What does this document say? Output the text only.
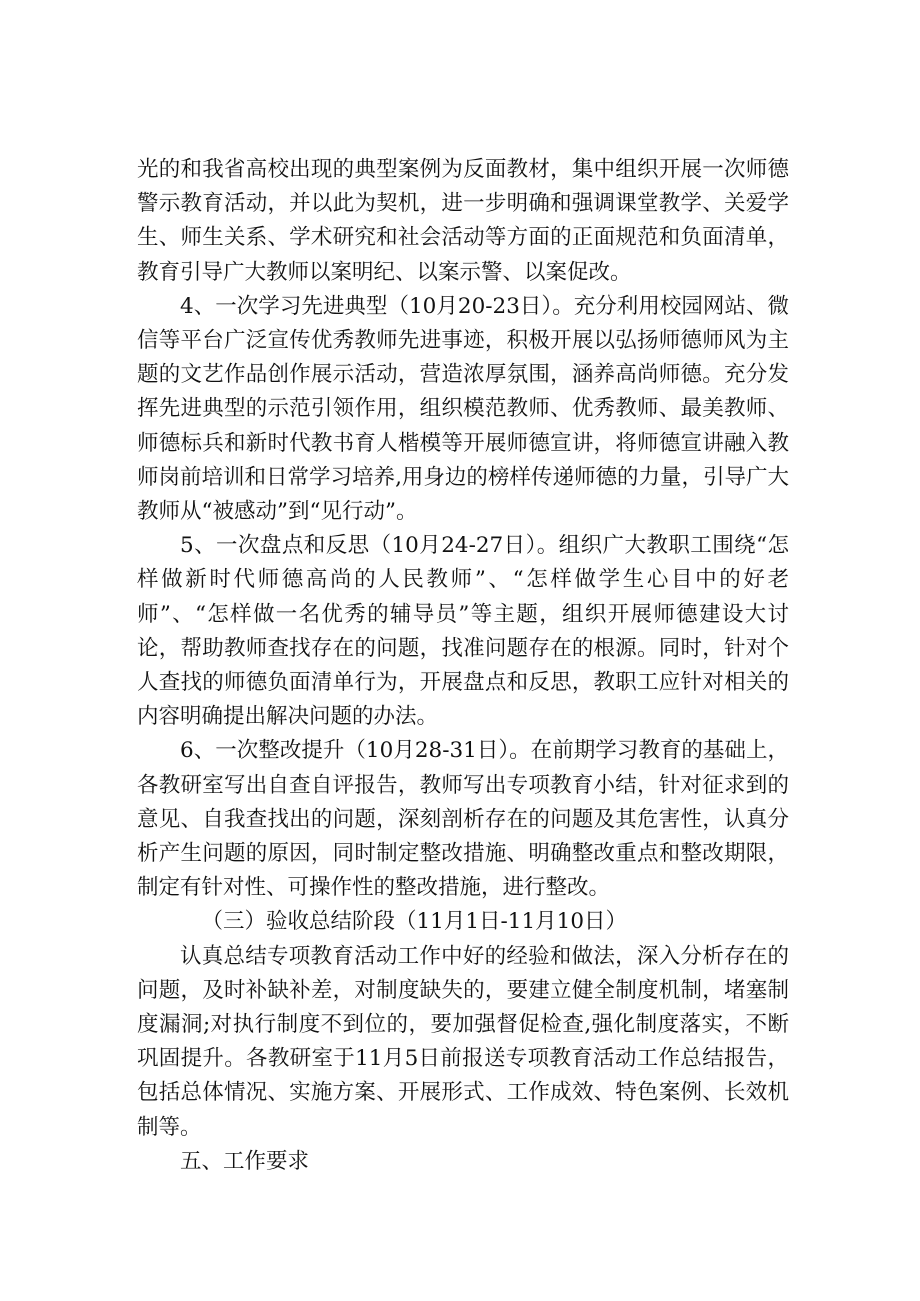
光的和我省高校出现的典型案例为反面教材，集中组织开展一次师德警示教育活动，并以此为契机，进一步明确和强调课堂教学、关爱学生、师生关系、学术研究和社会活动等方面的正面规范和负面清单，教育引导广大教师以案明纪、以案示警、以案促改。

4、一次学习先进典型（10月20-23日）。充分利用校园网站、微信等平台广泛宣传优秀教师先进事迹，积极开展以弘扬师德师风为主题的文艺作品创作展示活动，营造浓厚氛围，涵养高尚师德。充分发挥先进典型的示范引领作用，组织模范教师、优秀教师、最美教师、师德标兵和新时代教书育人楷模等开展师德宣讲，将师德宣讲融入教师岗前培训和日常学习培养,用身边的榜样传递师德的力量，引导广大教师从“被感动”到“见行动”。

5、一次盘点和反思（10月24-27日）。组织广大教职工围绕“怎样做新时代师德高尚的人民教师”、“怎样做学生心目中的好老师”、“怎样做一名优秀的辅导员”等主题，组织开展师德建设大讨论，帮助教师查找存在的问题，找准问题存在的根源。同时，针对个人查找的师德负面清单行为，开展盘点和反思，教职工应针对相关的内容明确提出解决问题的办法。

6、一次整改提升（10月28-31日）。在前期学习教育的基础上，各教研室写出自查自评报告，教师写出专项教育小结，针对征求到的意见、自我查找出的问题，深刻剖析存在的问题及其危害性，认真分析产生问题的原因，同时制定整改措施、明确整改重点和整改期限，制定有针对性、可操作性的整改措施，进行整改。

（三）验收总结阶段（11月1日-11月10日）

认真总结专项教育活动工作中好的经验和做法，深入分析存在的问题，及时补缺补差，对制度缺失的，要建立健全制度机制，堵塞制度漏洞;对执行制度不到位的，要加强督促检查,强化制度落实，不断巩固提升。各教研室于11月5日前报送专项教育活动工作总结报告，包括总体情况、实施方案、开展形式、工作成效、特色案例、长效机制等。

五、工作要求
